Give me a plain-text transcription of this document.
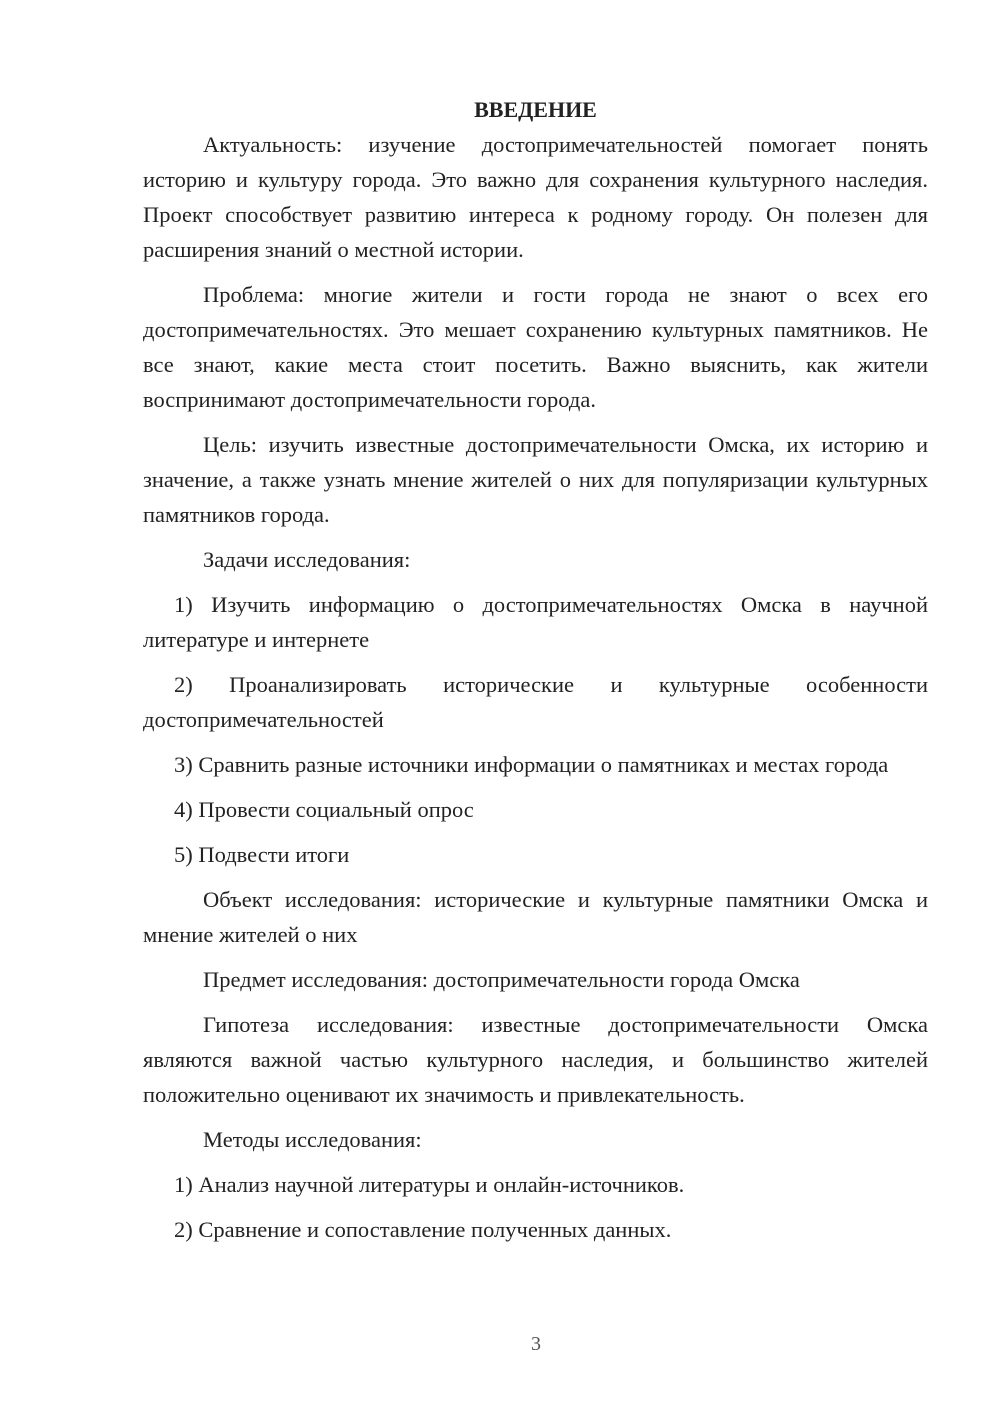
ВВЕДЕНИЕ

Актуальность: изучение достопримечательностей помогает понять историю и культуру города. Это важно для сохранения культурного наследия. Проект способствует развитию интереса к родному городу. Он полезен для расширения знаний о местной истории.

Проблема: многие жители и гости города не знают о всех его достопримечательностях. Это мешает сохранению культурных памятников. Не все знают, какие места стоит посетить. Важно выяснить, как жители воспринимают достопримечательности города.

Цель: изучить известные достопримечательности Омска, их историю и значение, а также узнать мнение жителей о них для популяризации культурных памятников города.

Задачи исследования:

1) Изучить информацию о достопримечательностях Омска в научной литературе и интернете

2) Проанализировать исторические и культурные особенности достопримечательностей

3) Сравнить разные источники информации о памятниках и местах города

4) Провести социальный опрос

5) Подвести итоги

Объект исследования: исторические и культурные памятники Омска и мнение жителей о них

Предмет исследования: достопримечательности города Омска

Гипотеза исследования: известные достопримечательности Омска являются важной частью культурного наследия, и большинство жителей положительно оценивают их значимость и привлекательность.

Методы исследования:

1) Анализ научной литературы и онлайн-источников.

2) Сравнение и сопоставление полученных данных.

3
